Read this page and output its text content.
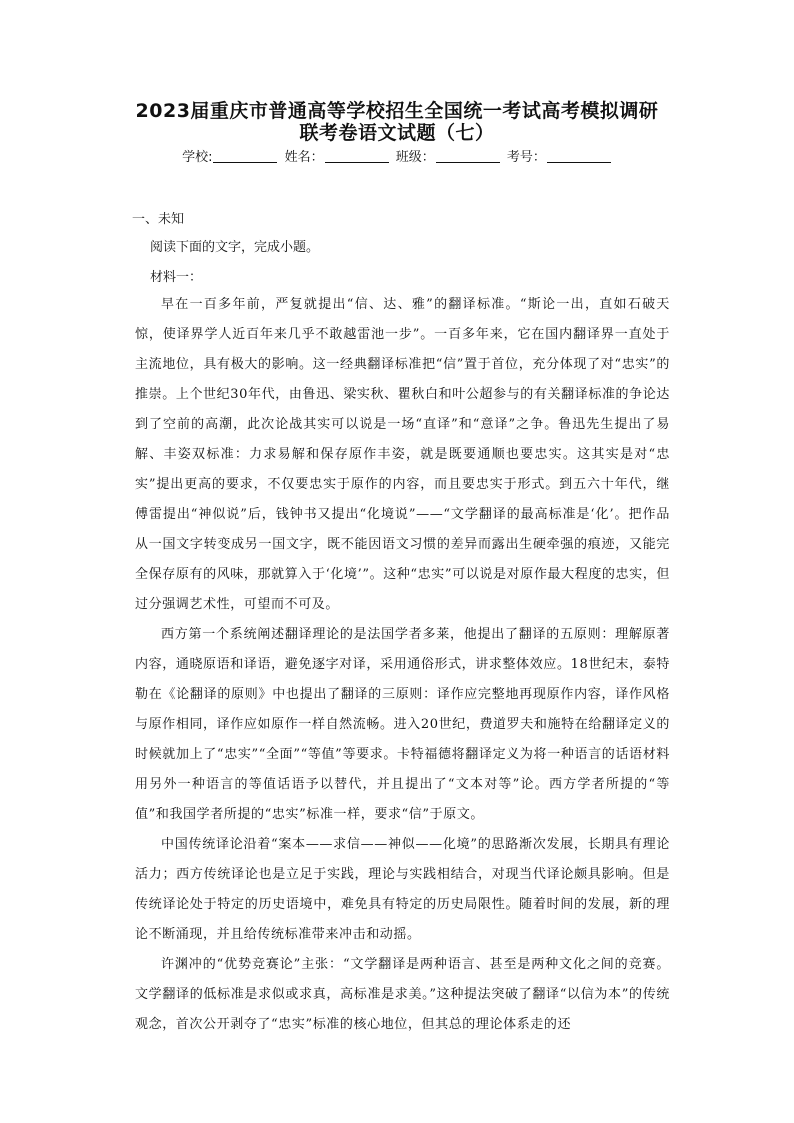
2023届重庆市普通高等学校招生全国统一考试高考模拟调研
联考卷语文试题（七）
学校:	姓名：	班级：	考号：
一、未知
阅读下面的文字，完成小题。
材料一：

早在一百多年前，严复就提出“信、达、雅”的翻译标准。“斯论一出，直如石破天惊，使译界学人近百年来几乎不敢越雷池一步”。一百多年来，它在国内翻译界一直处于主流地位，具有极大的影响。这一经典翻译标准把“信”置于首位，充分体现了对“忠实”的推崇。上个世纪30年代，由鲁迅、梁实秋、瞿秋白和叶公超参与的有关翻译标准的争论达到了空前的高潮，此次论战其实可以说是一场“直译”和“意译”之争。鲁迅先生提出了易解、丰姿双标准：力求易解和保存原作丰姿，就是既要通顺也要忠实。这其实是对“忠实”提出更高的要求，不仅要忠实于原作的内容，而且要忠实于形式。到五六十年代，继傅雷提出“神似说”后，钱钟书又提出“化境说”——“文学翻译的最高标准是‘化’。把作品从一国文字转变成另一国文字，既不能因语文习惯的差异而露出生硬牵强的痕迹，又能完全保存原有的风味，那就算入于‘化境’”。这种“忠实”可以说是对原作最大程度的忠实，但过分强调艺术性，可望而不可及。

西方第一个系统阐述翻译理论的是法国学者多莱，他提出了翻译的五原则：理解原著内容，通晓原语和译语，避免逐字对译，采用通俗形式，讲求整体效应。18世纪末，泰特勒在《论翻译的原则》中也提出了翻译的三原则：译作应完整地再现原作内容，译作风格与原作相同，译作应如原作一样自然流畅。进入20世纪，费道罗夫和施特在给翻译定义的时候就加上了“忠实”“全面”“等值”等要求。卡特福德将翻译定义为将一种语言的话语材料用另外一种语言的等值话语予以替代，并且提出了“文本对等”论。西方学者所提的“等值”和我国学者所提的“忠实”标准一样，要求“信”于原文。

中国传统译论沿着“案本——求信——神似——化境”的思路渐次发展，长期具有理论活力；西方传统译论也是立足于实践，理论与实践相结合，对现当代译论颇具影响。但是传统译论处于特定的历史语境中，难免具有特定的历史局限性。随着时间的发展，新的理论不断涌现，并且给传统标准带来冲击和动摇。

许渊冲的“优势竞赛论”主张：“文学翻译是两种语言、甚至是两种文化之间的竞赛。文学翻译的低标准是求似或求真，高标准是求美。”这种提法突破了翻译“以信为本”的传统观念，首次公开剥夺了“忠实”标准的核心地位，但其总的理论体系走的还
